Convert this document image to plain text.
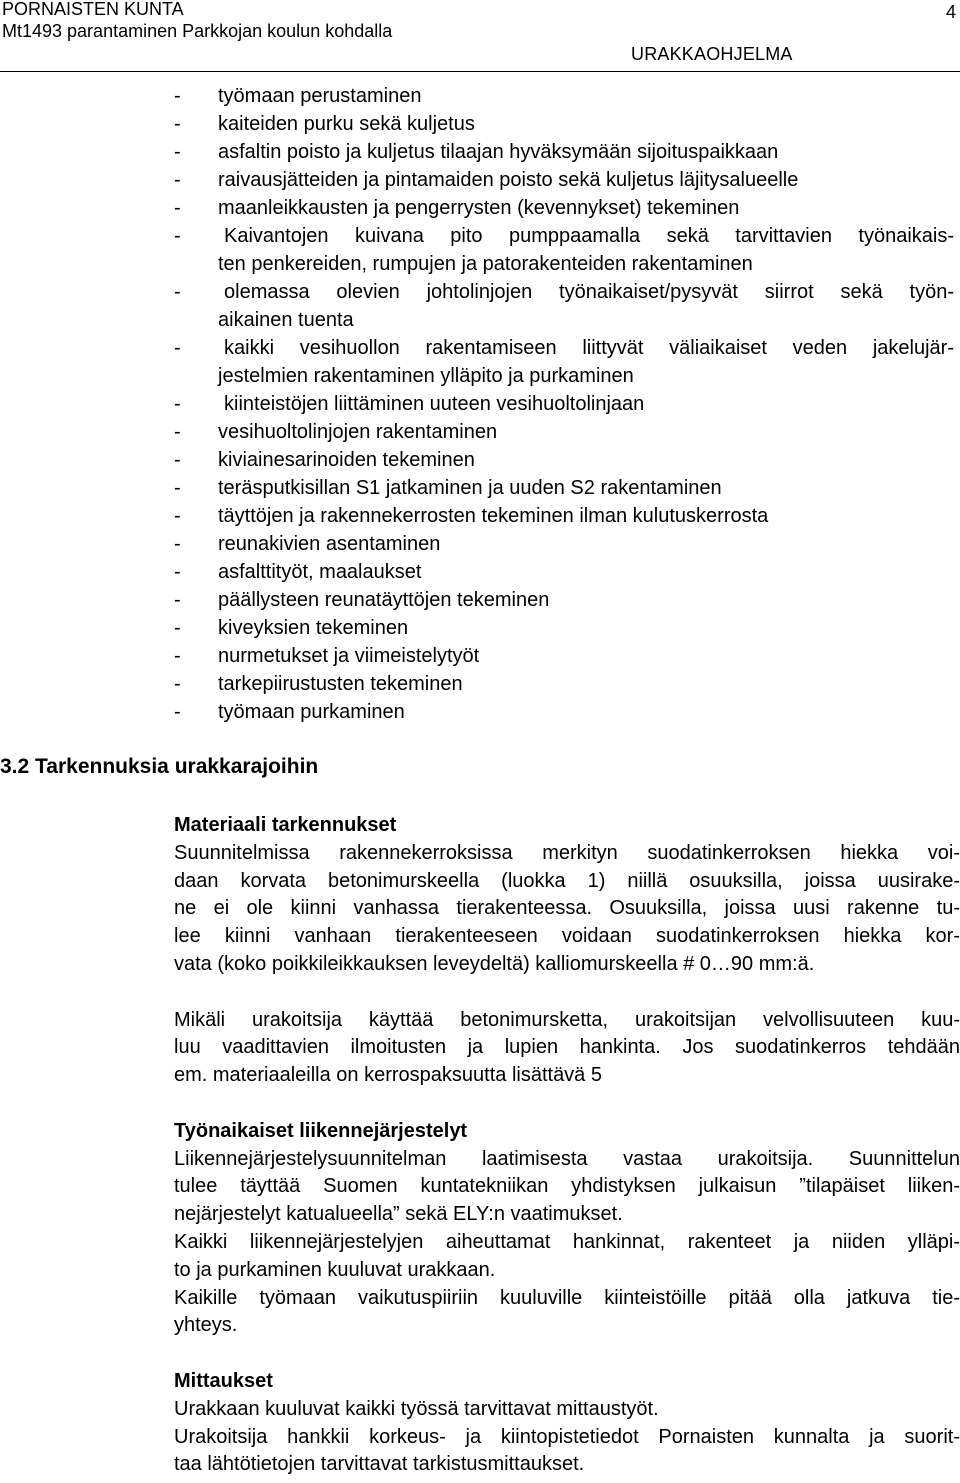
PORNAISTEN KUNTA
Mt1493 parantaminen Parkkojan koulun kohdalla
4
URAKKAOHJELMA
-	työmaan perustaminen
-	kaiteiden purku sekä kuljetus
-	asfaltin poisto ja kuljetus tilaajan hyväksymään sijoituspaikkaan
-	raivausjätteiden ja pintamaiden poisto sekä kuljetus läjitysalueelle
-	maanleikkausten ja pengerrysten (kevennykset) tekeminen
-	Kaivantojen kuivana pito pumppaamalla sekä tarvittavien työnaikais-
ten penkereiden, rumpujen ja patorakenteiden rakentaminen
-	olemassa olevien johtolinjojen työnaikaiset/pysyvät siirrot sekä työn-
aikainen tuenta
-	kaikki vesihuollon rakentamiseen liittyvät väliaikaiset veden jakelujär-
jestelmien rakentaminen ylläpito ja purkaminen
-	kiinteistöjen liittäminen uuteen vesihuoltolinjaan
-	vesihuoltolinjojen rakentaminen
-	kiviainesarinoiden tekeminen
-	teräsputkisillan S1 jatkaminen ja uuden S2 rakentaminen
-	täyttöjen ja rakennekerrosten tekeminen ilman kulutuskerrosta
-	reunakivien asentaminen
-	asfalttityöt, maalaukset
-	päällysteen reunatäyttöjen tekeminen
-	kiveyksien tekeminen
-	nurmetukset ja viimeistelytyöt
-	tarkepiirustusten tekeminen
-	työmaan purkaminen
3.2 Tarkennuksia urakkarajoihin
Materiaali tarkennukset
Suunnitelmissa rakennekerroksissa merkityn suodatinkerroksen hiekka voi-
daan korvata betonimurskeella (luokka 1) niillä osuuksilla, joissa uusirake-
ne ei ole kiinni vanhassa tierakenteessa. Osuuksilla, joissa uusi rakenne tu-
lee kiinni vanhaan tierakenteeseen voidaan suodatinkerroksen hiekka kor-
vata (koko poikkileikkauksen leveydeltä) kalliomurskeella # 0…90 mm:ä.
Mikäli urakoitsija käyttää betonimursketta, urakoitsijan velvollisuuteen kuu-
luu vaadittavien ilmoitusten ja lupien hankinta. Jos suodatinkerros tehdään
em. materiaaleilla on kerrospaksuutta lisättävä 5
Työnaikaiset liikennejärjestelyt
Liikennejärjestelysuunnitelman laatimisesta vastaa urakoitsija. Suunnittelun
tulee täyttää Suomen kuntatekniikan yhdistyksen julkaisun ”tilapäiset liiken-
nejärjestelyt katualueella” sekä ELY:n vaatimukset.
Kaikki liikennejärjestelyjen aiheuttamat hankinnat, rakenteet ja niiden ylläpi-
to ja purkaminen kuuluvat urakkaan.
Kaikille työmaan vaikutuspiiriin kuuluville kiinteistöille pitää olla jatkuva tie-
yhteys.
Mittaukset
Urakkaan kuuluvat kaikki työssä tarvittavat mittaustyöt.
Urakoitsija hankkii korkeus- ja kiintopistetiedot Pornaisten kunnalta ja suorit-
taa lähtötietojen tarvittavat tarkistusmittaukset.
